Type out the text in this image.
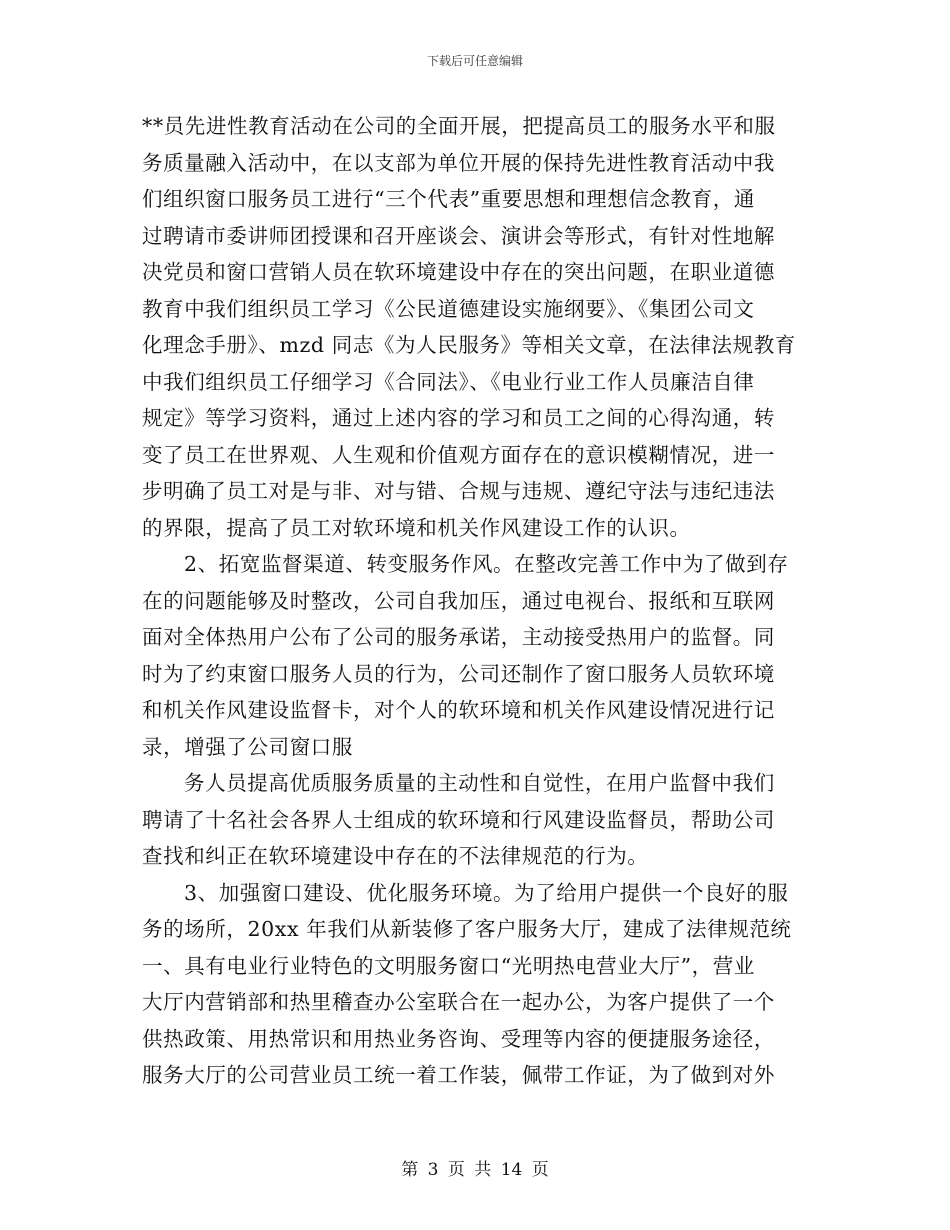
下载后可任意编辑
**员先进性教育活动在公司的全面开展，把提高员工的服务水平和服
务质量融入活动中，在以支部为单位开展的保持先进性教育活动中我
们组织窗口服务员工进行“三个代表”重要思想和理想信念教育，通
过聘请市委讲师团授课和召开座谈会、演讲会等形式，有针对性地解
决党员和窗口营销人员在软环境建设中存在的突出问题，在职业道德
教育中我们组织员工学习《公民道德建设实施纲要》、《集团公司文
化理念手册》、mzd 同志《为人民服务》等相关文章，在法律法规教育
中我们组织员工仔细学习《合同法》、《电业行业工作人员廉洁自律
规定》等学习资料，通过上述内容的学习和员工之间的心得沟通，转
变了员工在世界观、人生观和价值观方面存在的意识模糊情况，进一
步明确了员工对是与非、对与错、合规与违规、遵纪守法与违纪违法
的界限，提高了员工对软环境和机关作风建设工作的认识。
2、拓宽监督渠道、转变服务作风。在整改完善工作中为了做到存
在的问题能够及时整改，公司自我加压，通过电视台、报纸和互联网
面对全体热用户公布了公司的服务承诺，主动接受热用户的监督。同
时为了约束窗口服务人员的行为，公司还制作了窗口服务人员软环境
和机关作风建设监督卡，对个人的软环境和机关作风建设情况进行记
录，增强了公司窗口服
务人员提高优质服务质量的主动性和自觉性，在用户监督中我们
聘请了十名社会各界人士组成的软环境和行风建设监督员，帮助公司
查找和纠正在软环境建设中存在的不法律规范的行为。
3、加强窗口建设、优化服务环境。为了给用户提供一个良好的服
务的场所，20xx 年我们从新装修了客户服务大厅，建成了法律规范统
一、具有电业行业特色的文明服务窗口“光明热电营业大厅”，营业
大厅内营销部和热里稽查办公室联合在一起办公，为客户提供了一个
供热政策、用热常识和用热业务咨询、受理等内容的便捷服务途径，
服务大厅的公司营业员工统一着工作装，佩带工作证，为了做到对外
第 3 页 共 14 页
